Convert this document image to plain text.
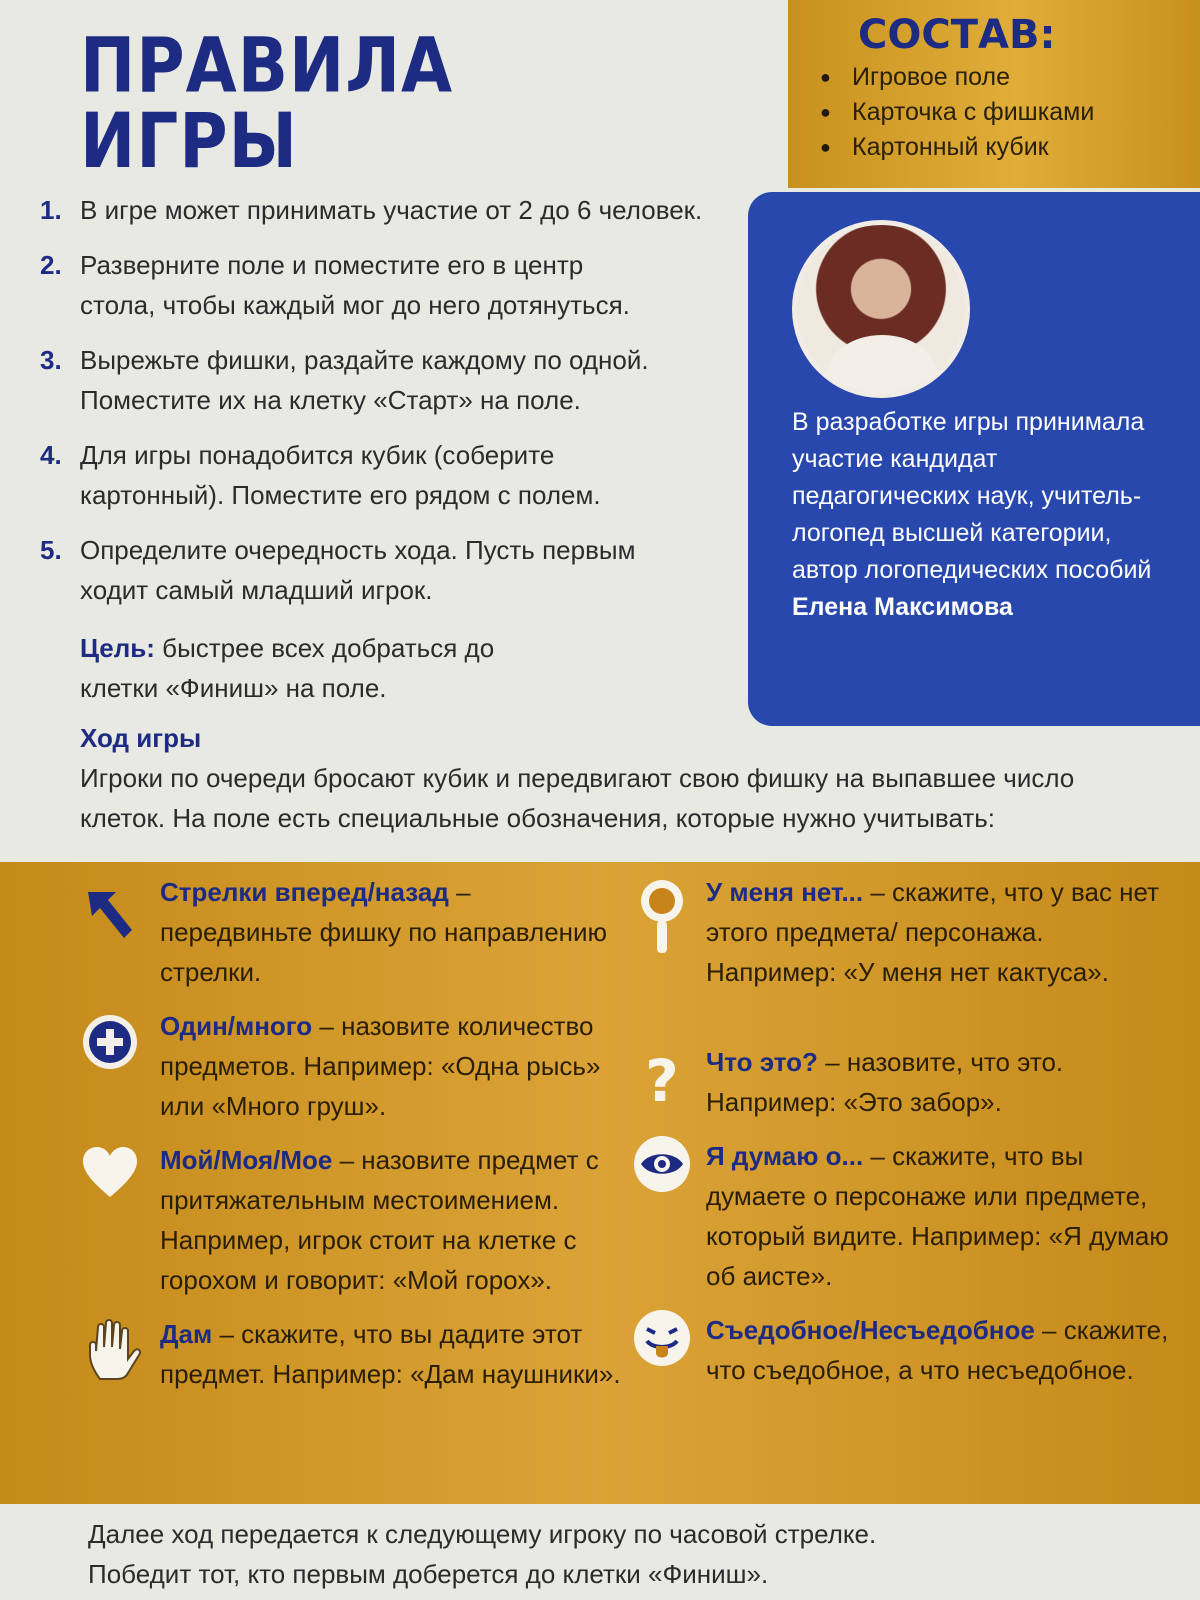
ПРАВИЛА
ИГРЫ
СОСТАВ:
● Игровое поле
● Карточка с фишками
● Картонный кубик
В разработке игры принимала участие кандидат педагогических наук, учитель-логопед высшей категории, автор логопедических пособий
Елена Максимова
1. В игре может принимать участие от 2 до 6 человек.
2. Разверните поле и поместите его в центр стола, чтобы каждый мог до него дотянуться.
3. Вырежьте фишки, раздайте каждому по одной. Поместите их на клетку «Старт» на поле.
4. Для игры понадобится кубик (соберите картонный). Поместите его рядом с полем.
5. Определите очередность хода. Пусть первым ходит самый младший игрок.
Цель: быстрее всех добраться до клетки «Финиш» на поле.
Ход игры
Игроки по очереди бросают кубик и передвигают свою фишку на выпавшее число клеток. На поле есть специальные обозначения, которые нужно учитывать:
Стрелки вперед/назад – передвиньте фишку по направлению стрелки.
Один/много – назовите количество предметов. Например: «Одна рысь» или «Много груш».
Мой/Моя/Мое – назовите предмет с притяжательным местоимением. Например, игрок стоит на клетке с горохом и говорит: «Мой горох».
Дам – скажите, что вы дадите этот предмет. Например: «Дам наушники».
У меня нет... – скажите, что у вас нет этого предмета/ персонажа. Например: «У меня нет кактуса».
? Что это? – назовите, что это. Например: «Это забор».
Я думаю о... – скажите, что вы думаете о персонаже или предмете, который видите. Например: «Я думаю об аисте».
Съедобное/Несъедобное – скажите, что съедобное, а что несъедобное.
Далее ход передается к следующему игроку по часовой стрелке.
Победит тот, кто первым доберется до клетки «Финиш».
